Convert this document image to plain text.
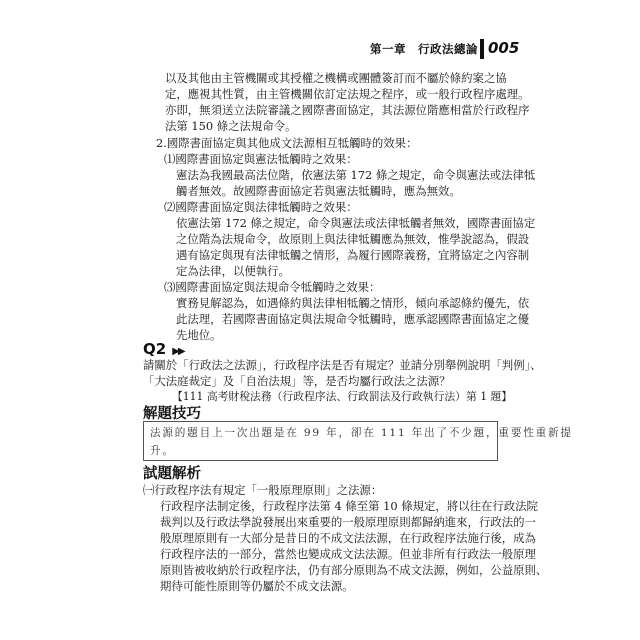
第一章　行政法總論 005
以及其他由主管機關或其授權之機構或團體簽訂而不屬於條約案之協
定，應視其性質，由主管機關依訂定法規之程序，或一般行政程序處理。
亦即，無須送立法院審議之國際書面協定，其法源位階應相當於行政程序
法第 150 條之法規命令。
2.國際書面協定與其他成文法源相互牴觸時的效果：
⑴國際書面協定與憲法牴觸時之效果：
憲法為我國最高法位階，依憲法第 172 條之規定，命令與憲法或法律牴
觸者無效。故國際書面協定若與憲法牴觸時，應為無效。
⑵國際書面協定與法律牴觸時之效果：
依憲法第 172 條之規定，命令與憲法或法律牴觸者無效，國際書面協定
之位階為法規命令，故原則上與法律牴觸應為無效，惟學說認為，假設
遇有協定與現有法律牴觸之情形，為履行國際義務，宜將協定之內容制
定為法律，以便執行。
⑶國際書面協定與法規命令牴觸時之效果：
實務見解認為，如遇條約與法律相牴觸之情形，傾向承認條約優先，依
此法理，若國際書面協定與法規命令牴觸時，應承認國際書面協定之優
先地位。
Q2 ▶▶
請關於「行政法之法源」，行政程序法是否有規定？並請分別舉例說明「判例」、
「大法庭裁定」及「自治法規」等，是否均屬行政法之法源？
【111 高考財稅法務（行政程序法、行政罰法及行政執行法）第 1 題】
解題技巧
法源的題目上一次出題是在 99 年，卻在 111 年出了不少題，重要性重新提
升。
試題解析
㈠行政程序法有規定「一般原理原則」之法源：
行政程序法制定後，行政程序法第 4 條至第 10 條規定，將以往在行政法院
裁判以及行政法學說發展出來重要的一般原理原則都歸納進來，行政法的一
般原理原則有一大部分是昔日的不成文法法源，在行政程序法施行後，成為
行政程序法的一部分，當然也變成成文法法源。但並非所有行政法一般原理
原則皆被收納於行政程序法，仍有部分原則為不成文法源，例如，公益原則、
期待可能性原則等仍屬於不成文法源。
